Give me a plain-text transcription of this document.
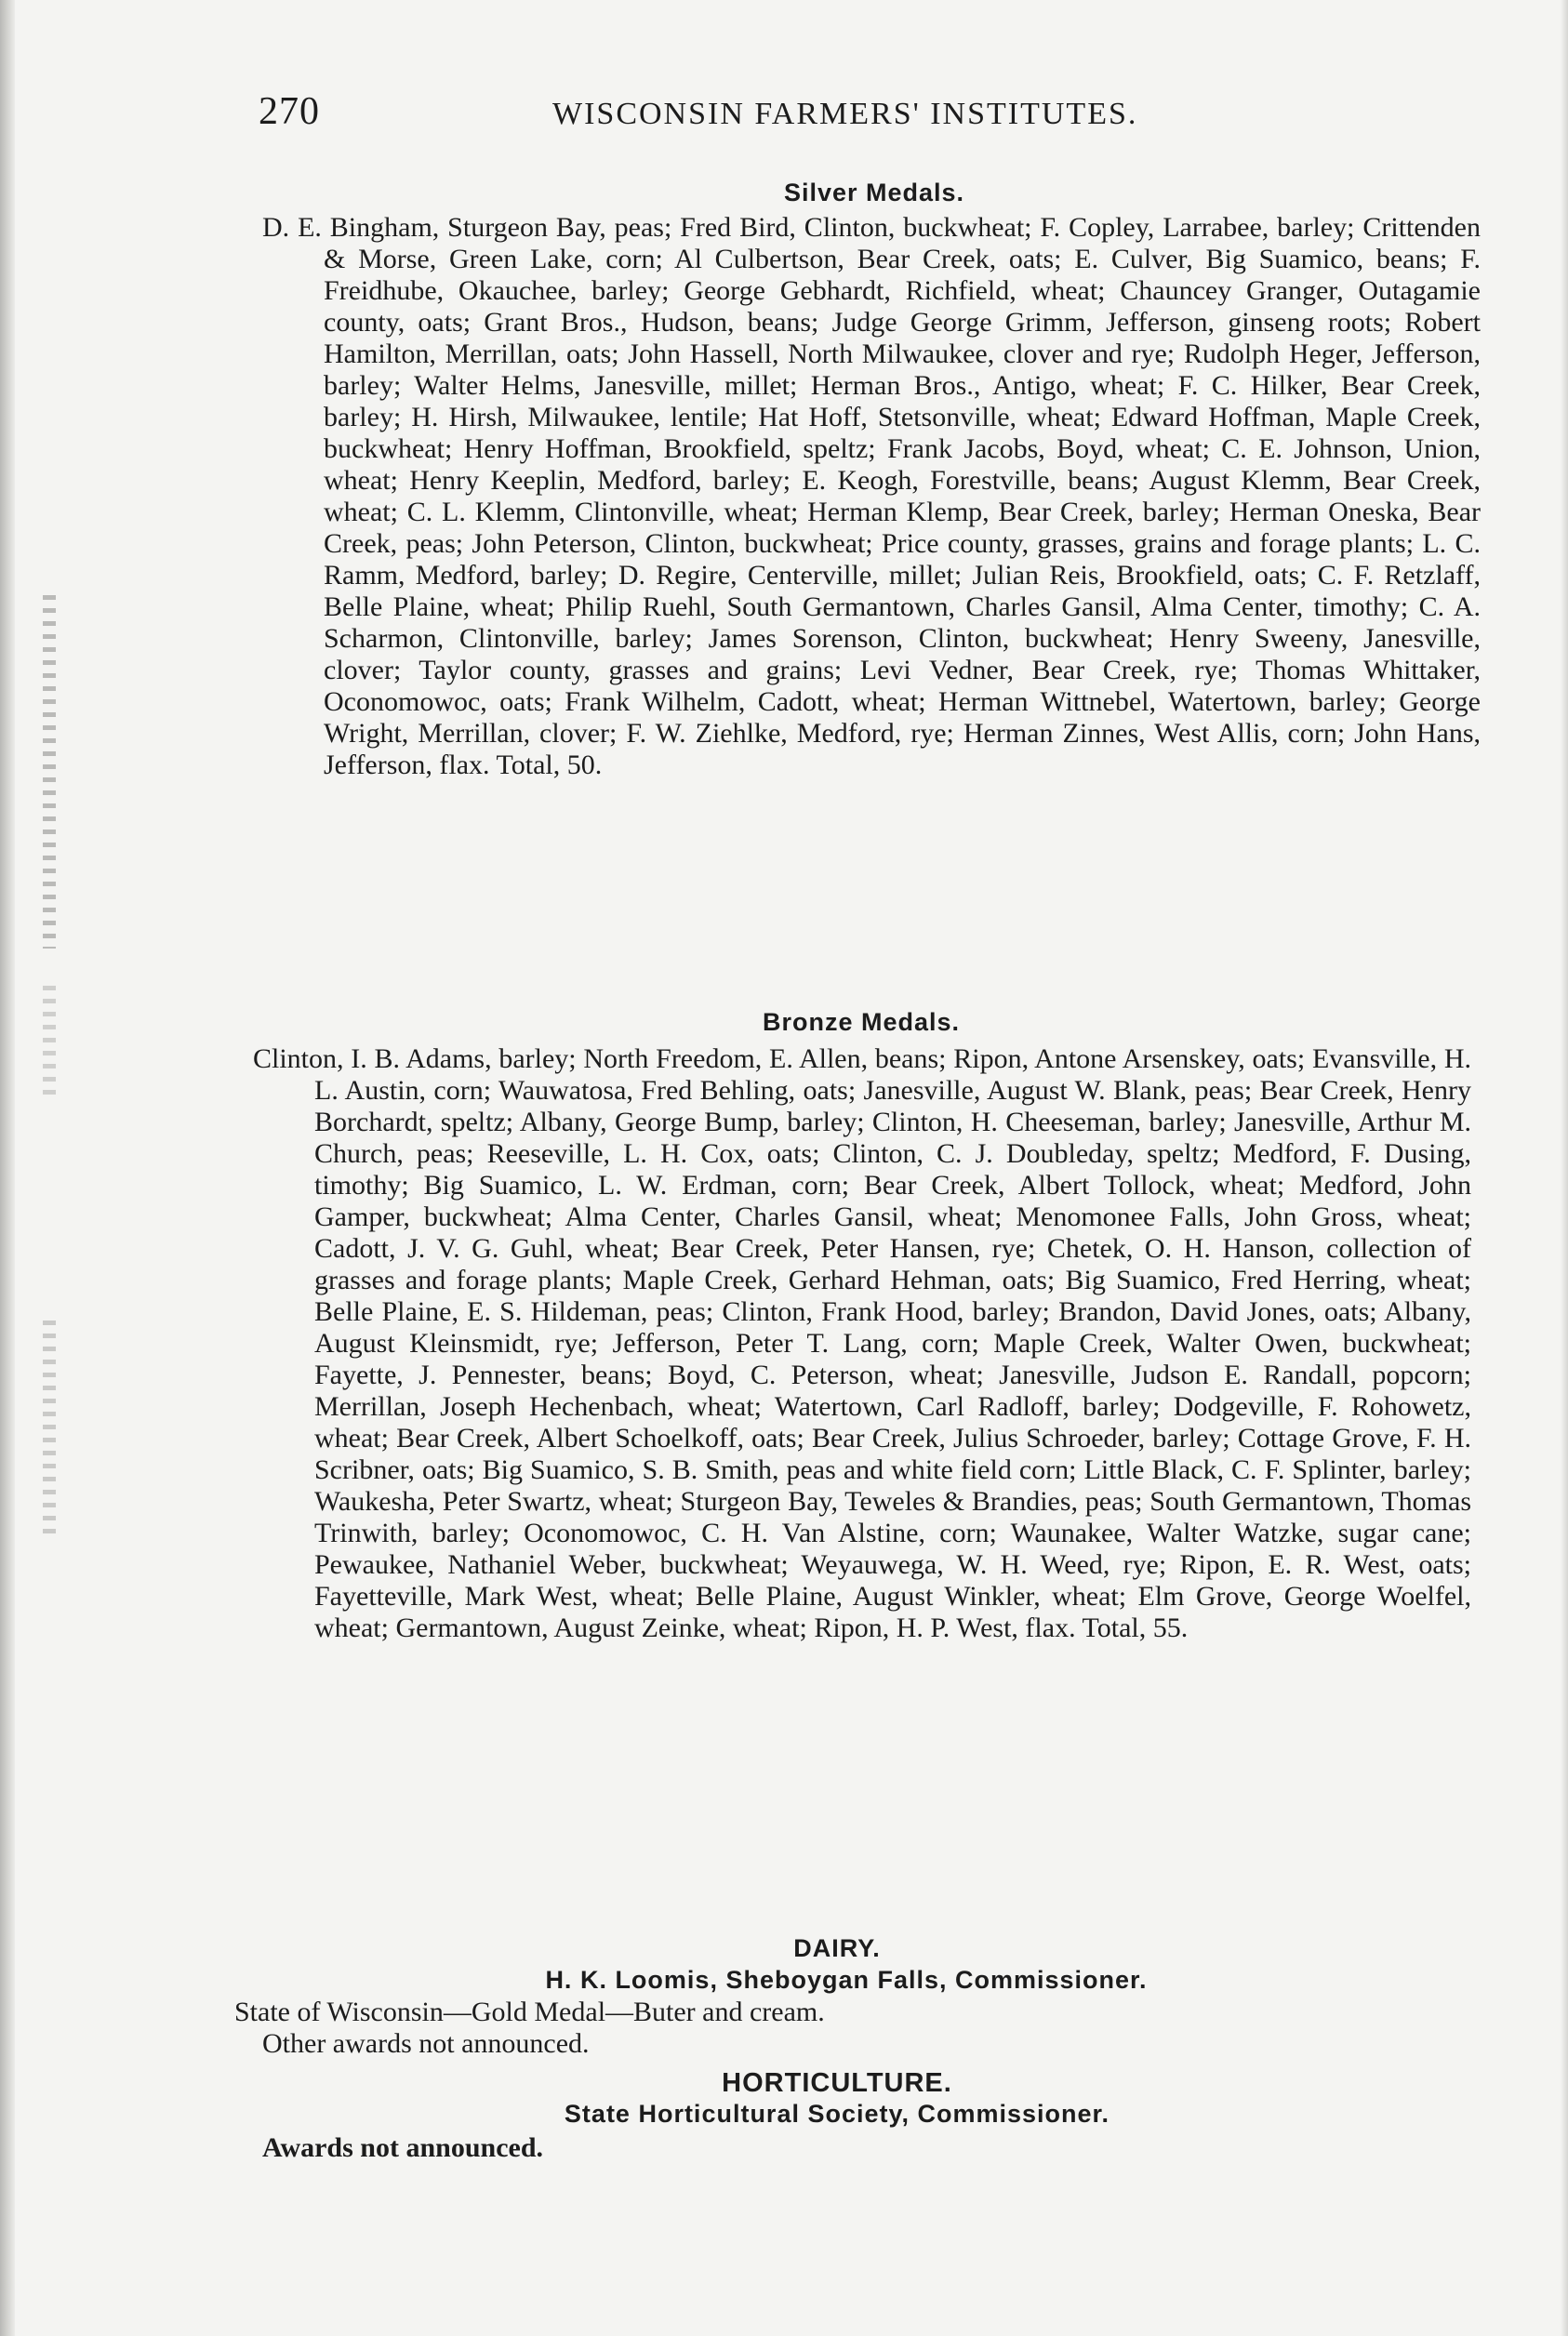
270	WISCONSIN FARMERS' INSTITUTES.
Silver Medals.
D. E. Bingham, Sturgeon Bay, peas; Fred Bird, Clinton, buckwheat; F. Copley, Larrabee, barley; Crittenden & Morse, Green Lake, corn; Al Culbertson, Bear Creek, oats; E. Culver, Big Suamico, beans; F. Freidhube, Okauchee, barley; George Gebhardt, Richfield, wheat; Chauncey Granger, Outagamie county, oats; Grant Bros., Hudson, beans; Judge George Grimm, Jefferson, ginseng roots; Robert Hamilton, Merrillan, oats; John Hassell, North Milwaukee, clover and rye; Rudolph Heger, Jefferson, barley; Walter Helms, Janesville, millet; Herman Bros., Antigo, wheat; F. C. Hilker, Bear Creek, barley; H. Hirsh, Milwaukee, lentile; Hat Hoff, Stetsonville, wheat; Edward Hoffman, Maple Creek, buckwheat; Henry Hoffman, Brookfield, speltz; Frank Jacobs, Boyd, wheat; C. E. Johnson, Union, wheat; Henry Keeplin, Medford, barley; E. Keogh, Forestville, beans; August Klemm, Bear Creek, wheat; C. L. Klemm, Clintonville, wheat; Herman Klemp, Bear Creek, barley; Herman Oneska, Bear Creek, peas; John Peterson, Clinton, buckwheat; Price county, grasses, grains and forage plants; L. C. Ramm, Medford, barley; D. Regire, Centerville, millet; Julian Reis, Brookfield, oats; C. F. Retzlaff, Belle Plaine, wheat; Philip Ruehl, South Germantown, Charles Gansil, Alma Center, timothy; C. A. Scharmon, Clintonville, barley; James Sorenson, Clinton, buckwheat; Henry Sweeny, Janesville, clover; Taylor county, grasses and grains; Levi Vedner, Bear Creek, rye; Thomas Whittaker, Oconomowoc, oats; Frank Wilhelm, Cadott, wheat; Herman Wittnebel, Watertown, barley; George Wright, Merrillan, clover; F. W. Ziehlke, Medford, rye; Herman Zinnes, West Allis, corn; John Hans, Jefferson, flax. Total, 50.
Bronze Medals.
Clinton, I. B. Adams, barley; North Freedom, E. Allen, beans; Ripon, Antone Arsenskey, oats; Evansville, H. L. Austin, corn; Wauwatosa, Fred Behling, oats; Janesville, August W. Blank, peas; Bear Creek, Henry Borchardt, speltz; Albany, George Bump, barley; Clinton, H. Cheeseman, barley; Janesville, Arthur M. Church, peas; Reeseville, L. H. Cox, oats; Clinton, C. J. Doubleday, speltz; Medford, F. Dusing, timothy; Big Suamico, L. W. Erdman, corn; Bear Creek, Albert Tollock, wheat; Medford, John Gamper, buckwheat; Alma Center, Charles Gansil, wheat; Menomonee Falls, John Gross, wheat; Cadott, J. V. G. Guhl, wheat; Bear Creek, Peter Hansen, rye; Chetek, O. H. Hanson, collection of grasses and forage plants; Maple Creek, Gerhard Hehman, oats; Big Suamico, Fred Herring, wheat; Belle Plaine, E. S. Hildeman, peas; Clinton, Frank Hood, barley; Brandon, David Jones, oats; Albany, August Kleinsmidt, rye; Jefferson, Peter T. Lang, corn; Maple Creek, Walter Owen, buckwheat; Fayette, J. Pennester, beans; Boyd, C. Peterson, wheat; Janesville, Judson E. Randall, popcorn; Merrillan, Joseph Hechenbach, wheat; Watertown, Carl Radloff, barley; Dodgeville, F. Rohowetz, wheat; Bear Creek, Albert Schoelkoff, oats; Bear Creek, Julius Schroeder, barley; Cottage Grove, F. H. Scribner, oats; Big Suamico, S. B. Smith, peas and white field corn; Little Black, C. F. Splinter, barley; Waukesha, Peter Swartz, wheat; Sturgeon Bay, Teweles & Brandies, peas; South Germantown, Thomas Trinwith, barley; Oconomowoc, C. H. Van Alstine, corn; Waunakee, Walter Watzke, sugar cane; Pewaukee, Nathaniel Weber, buckwheat; Weyauwega, W. H. Weed, rye; Ripon, E. R. West, oats; Fayetteville, Mark West, wheat; Belle Plaine, August Winkler, wheat; Elm Grove, George Woelfel, wheat; Germantown, August Zeinke, wheat; Ripon, H. P. West, flax. Total, 55.
DAIRY.
H. K. Loomis, Sheboygan Falls, Commissioner.
State of Wisconsin—Gold Medal—Buter and cream.
Other awards not announced.
HORTICULTURE.
State Horticultural Society, Commissioner.
Awards not announced.
